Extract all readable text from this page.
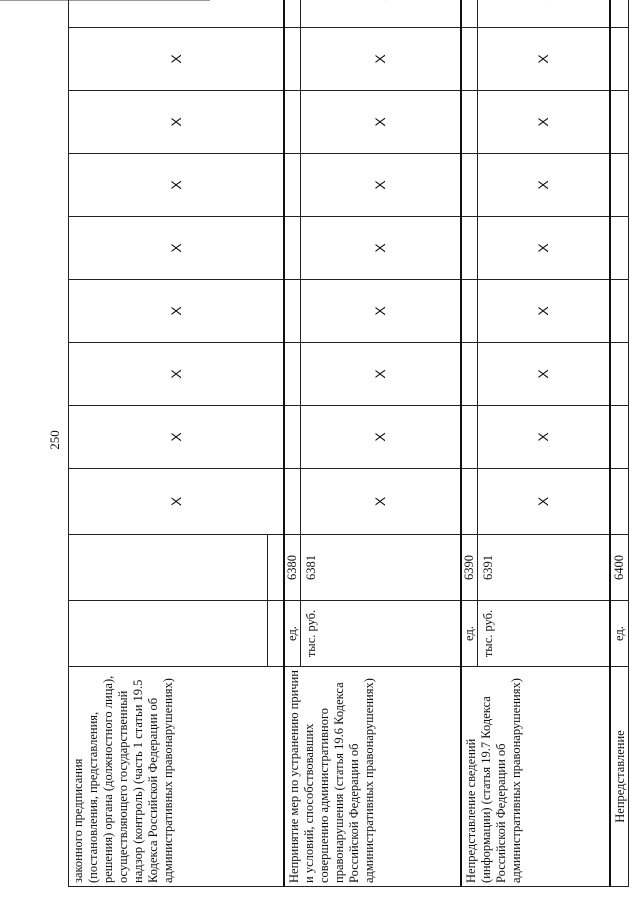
250
законного предписания (постановления, представления, решения) органа (должностного лица), осуществляющего государственный надзор (контроль) (часть 1 статьи 19.5 Кодекса Российской Федерации об административных правонарушениях)			X	X	X	X	X	X	X	X	

Непринятие мер по устранению причин и условий, способствовавших совершению административного правонарушения (статья 19.6 Кодекса Российской Федерации об административных правонарушениях)	ед.	6380									
	тыс. руб.	6381	X	X	X	X	X	X	X	X	
Непредставление сведений (информации) (статья 19.7 Кодекса Российской Федерации об административных правонарушениях)	ед.	6390									
	тыс. руб.	6391	X	X	X	X	X	X	X	X	
Непредставление	ед.	6400									
